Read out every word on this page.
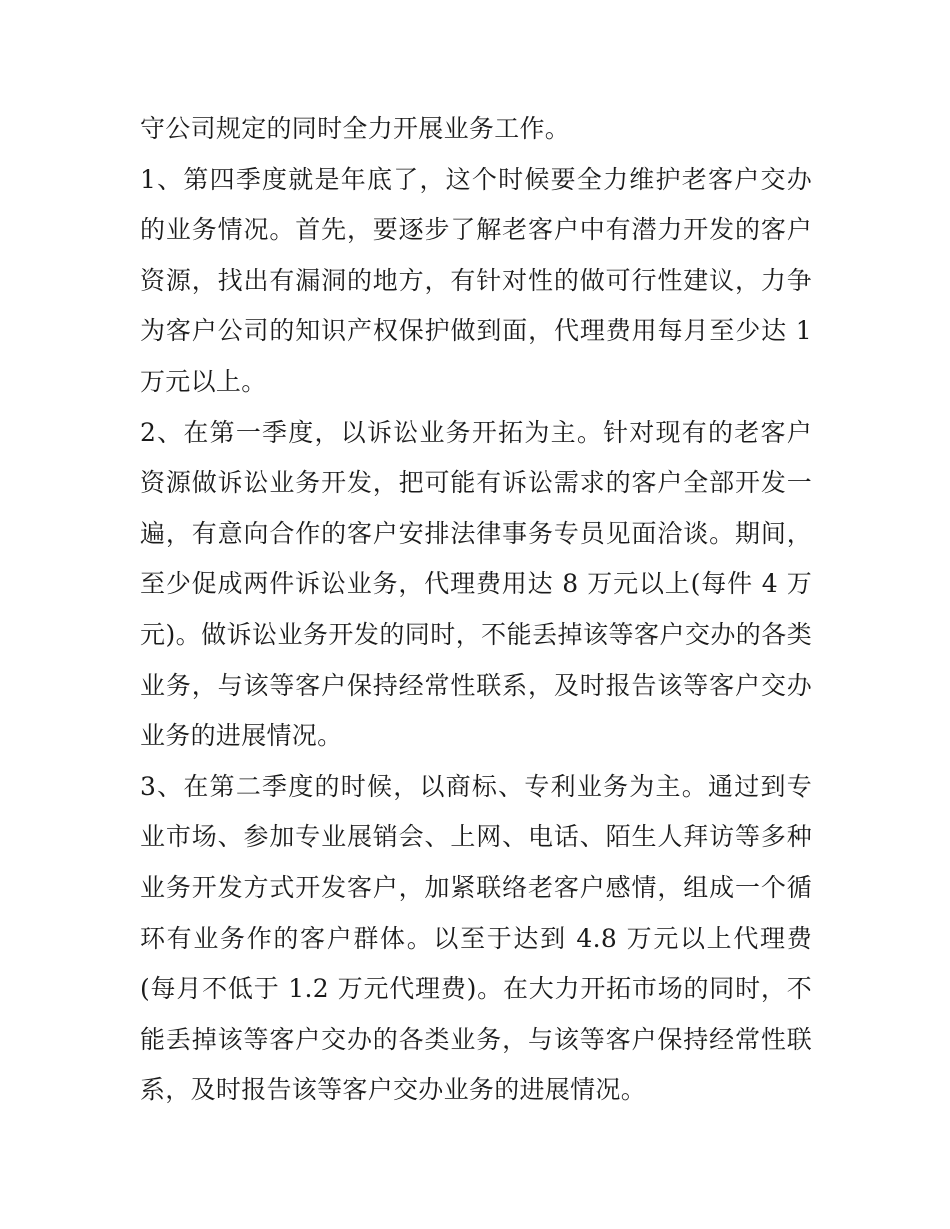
守公司规定的同时全力开展业务工作。

1、第四季度就是年底了，这个时候要全力维护老客户交办的业务情况。首先，要逐步了解老客户中有潜力开发的客户资源，找出有漏洞的地方，有针对性的做可行性建议，力争为客户公司的知识产权保护做到面，代理费用每月至少达 1 万元以上。

2、在第一季度，以诉讼业务开拓为主。针对现有的老客户资源做诉讼业务开发，把可能有诉讼需求的客户全部开发一遍，有意向合作的客户安排法律事务专员见面洽谈。期间，至少促成两件诉讼业务，代理费用达 8 万元以上(每件 4 万元)。做诉讼业务开发的同时，不能丢掉该等客户交办的各类业务，与该等客户保持经常性联系，及时报告该等客户交办业务的进展情况。

3、在第二季度的时候，以商标、专利业务为主。通过到专业市场、参加专业展销会、上网、电话、陌生人拜访等多种业务开发方式开发客户，加紧联络老客户感情，组成一个循环有业务作的客户群体。以至于达到 4.8 万元以上代理费(每月不低于 1.2 万元代理费)。在大力开拓市场的同时，不能丢掉该等客户交办的各类业务，与该等客户保持经常性联系，及时报告该等客户交办业务的进展情况。
